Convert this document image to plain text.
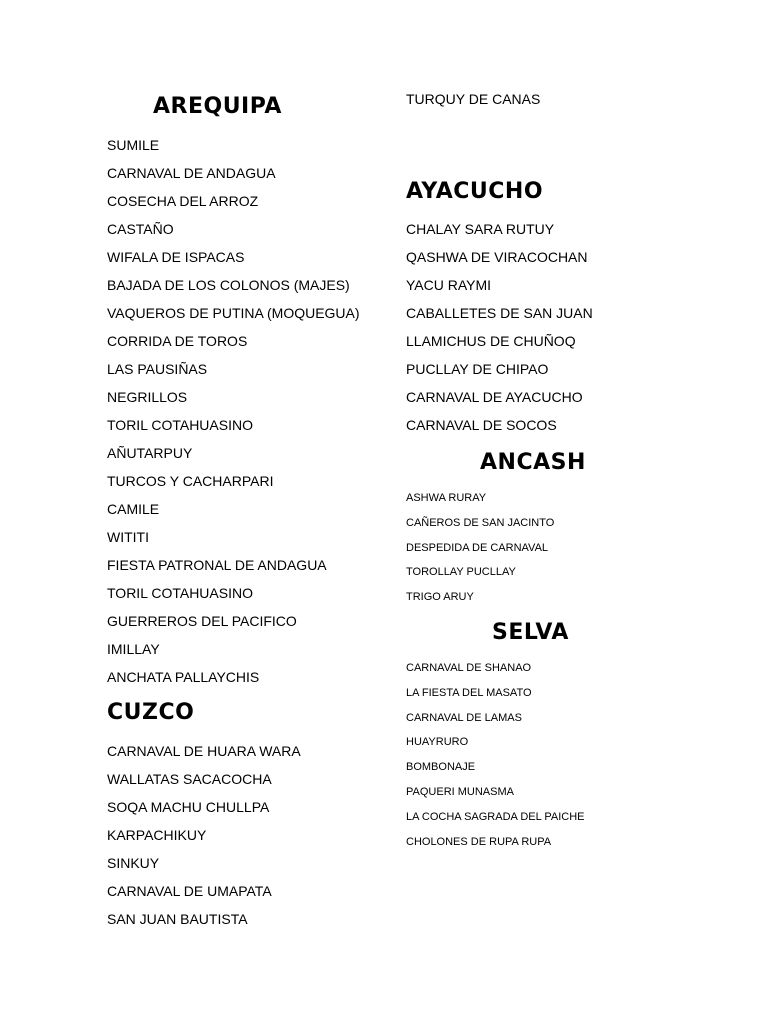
AREQUIPA
SUMILE
CARNAVAL DE ANDAGUA
COSECHA DEL ARROZ
CASTAÑO
WIFALA DE ISPACAS
BAJADA DE LOS COLONOS (MAJES)
VAQUEROS DE PUTINA (MOQUEGUA)
CORRIDA DE TOROS
LAS PAUSIÑAS
NEGRILLOS
TORIL COTAHUASINO
AÑUTARPUY
TURCOS Y CACHARPARI
CAMILE
WITITI
FIESTA PATRONAL DE ANDAGUA
TORIL COTAHUASINO
GUERREROS DEL PACIFICO
IMILLAY
ANCHATA PALLAYCHIS
CUZCO
CARNAVAL DE HUARA WARA
WALLATAS SACACOCHA
SOQA MACHU CHULLPA
KARPACHIKUY
SINKUY
CARNAVAL DE UMAPATA
SAN JUAN BAUTISTA

TURQUY DE CANAS

AYACUCHO
CHALAY SARA RUTUY
QASHWA DE VIRACOCHAN
YACU RAYMI
CABALLETES DE SAN JUAN
LLAMICHUS DE CHUÑOQ
PUCLLAY DE CHIPAO
CARNAVAL DE AYACUCHO
CARNAVAL DE SOCOS
ANCASH
ASHWA RURAY
CAÑEROS DE SAN JACINTO
DESPEDIDA DE CARNAVAL
TOROLLAY PUCLLAY
TRIGO ARUY
SELVA
CARNAVAL DE SHANAO
LA FIESTA DEL MASATO
CARNAVAL DE LAMAS
HUAYRURO
BOMBONAJE
PAQUERI MUNASMA
LA COCHA SAGRADA DEL PAICHE
CHOLONES DE RUPA RUPA
